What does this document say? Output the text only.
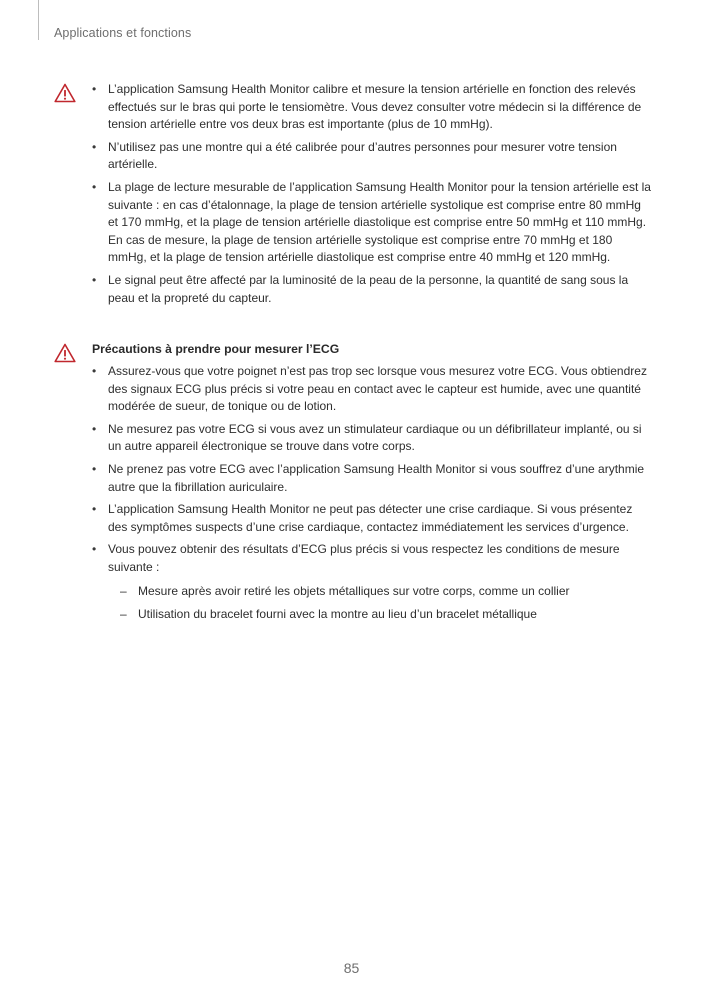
Applications et fonctions
• L’application Samsung Health Monitor calibre et mesure la tension artérielle en fonction des relevés effectués sur le bras qui porte le tensiomètre. Vous devez consulter votre médecin si la différence de tension artérielle entre vos deux bras est importante (plus de 10 mmHg).
• N’utilisez pas une montre qui a été calibrée pour d’autres personnes pour mesurer votre tension artérielle.
• La plage de lecture mesurable de l’application Samsung Health Monitor pour la tension artérielle est la suivante : en cas d’étalonnage, la plage de tension artérielle systolique est comprise entre 80 mmHg et 170 mmHg, et la plage de tension artérielle diastolique est comprise entre 50 mmHg et 110 mmHg. En cas de mesure, la plage de tension artérielle systolique est comprise entre 70 mmHg et 180 mmHg, et la plage de tension artérielle diastolique est comprise entre 40 mmHg et 120 mmHg.
• Le signal peut être affecté par la luminosité de la peau de la personne, la quantité de sang sous la peau et la propreté du capteur.
Précautions à prendre pour mesurer l’ECG
• Assurez-vous que votre poignet n’est pas trop sec lorsque vous mesurez votre ECG. Vous obtiendrez des signaux ECG plus précis si votre peau en contact avec le capteur est humide, avec une quantité modérée de sueur, de tonique ou de lotion.
• Ne mesurez pas votre ECG si vous avez un stimulateur cardiaque ou un défibrillateur implanté, ou si un autre appareil électronique se trouve dans votre corps.
• Ne prenez pas votre ECG avec l’application Samsung Health Monitor si vous souffrez d’une arythmie autre que la fibrillation auriculaire.
• L’application Samsung Health Monitor ne peut pas détecter une crise cardiaque. Si vous présentez des symptômes suspects d’une crise cardiaque, contactez immédiatement les services d’urgence.
• Vous pouvez obtenir des résultats d’ECG plus précis si vous respectez les conditions de mesure suivante :
– Mesure après avoir retiré les objets métalliques sur votre corps, comme un collier
– Utilisation du bracelet fourni avec la montre au lieu d’un bracelet métallique
85
